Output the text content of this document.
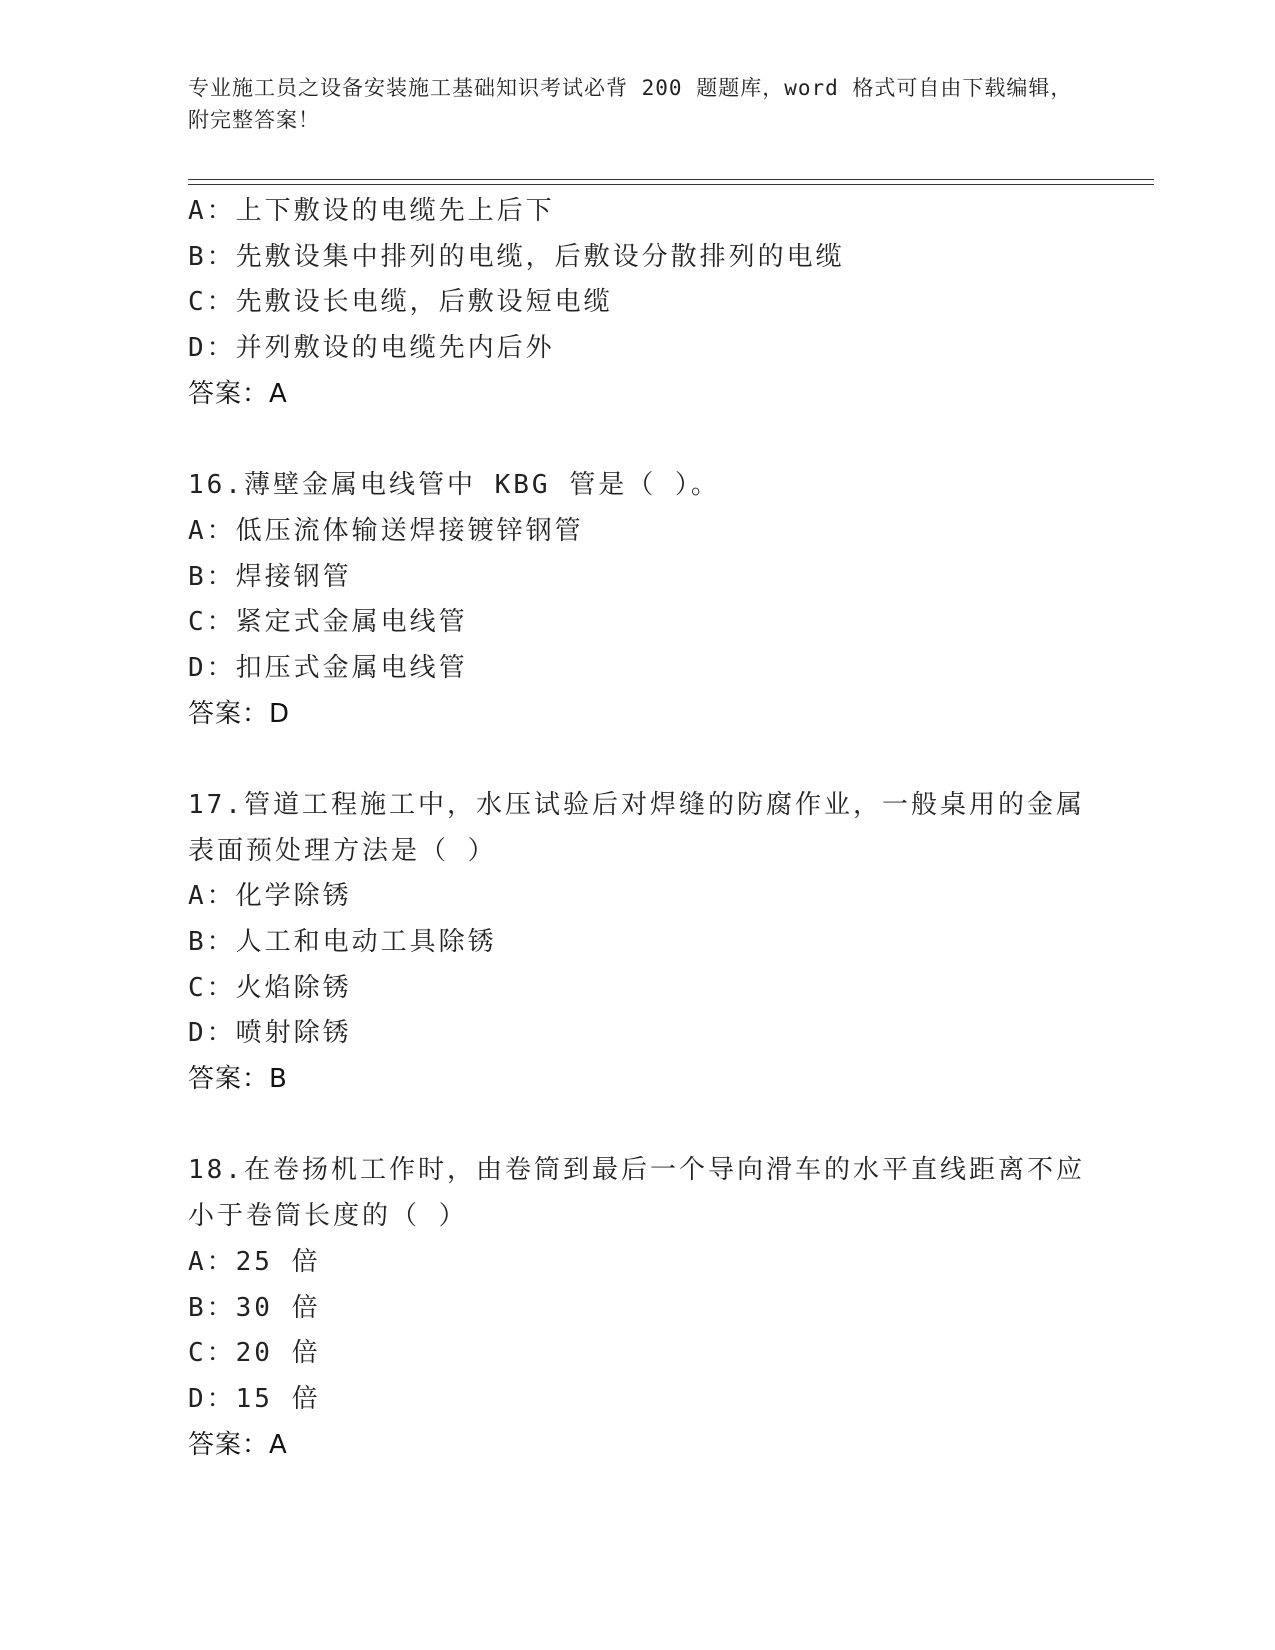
专业施工员之设备安装施工基础知识考试必背 200 题题库，word 格式可自由下载编辑，附完整答案！
A：上下敷设的电缆先上后下
B：先敷设集中排列的电缆，后敷设分散排列的电缆
C：先敷设长电缆，后敷设短电缆
D：并列敷设的电缆先内后外
答案：A
16.薄壁金属电线管中 KBG 管是（ ）。
A：低压流体输送焊接镀锌钢管
B：焊接钢管
C：紧定式金属电线管
D：扣压式金属电线管
答案：D
17.管道工程施工中，水压试验后对焊缝的防腐作业，一般桌用的金属表面预处理方法是（ ）
A：化学除锈
B：人工和电动工具除锈
C：火焰除锈
D：喷射除锈
答案：B
18.在卷扬机工作时，由卷筒到最后一个导向滑车的水平直线距离不应小于卷筒长度的（ ）
A：25 倍
B：30 倍
C：20 倍
D：15 倍
答案：A
